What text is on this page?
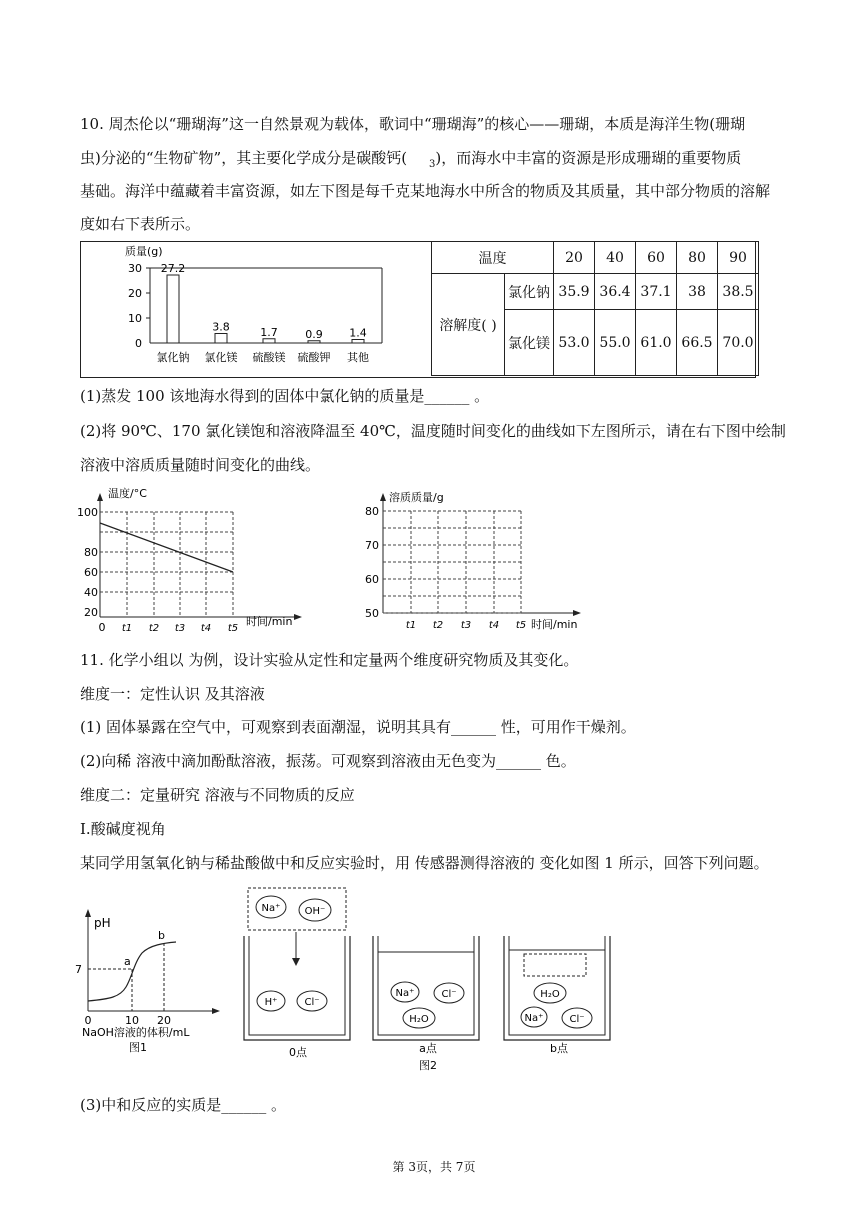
10. 周杰伦以“珊瑚海”这一自然景观为载体，歌词中“珊瑚海”的核心——珊瑚，本质是海洋生物(珊瑚
虫)分泌的“生物矿物”，其主要化学成分是碳酸钙( $_3$)，而海水中丰富的资源是形成珊瑚的重要物质
基础。海洋中蕴藏着丰富资源，如左下图是每千克某地海水中所含的物质及其质量，其中部分物质的溶解
度如右下表所示。
质量(g)
30
20
10
0
27.2
3.8	1.7	0.9 1.4
氯化钠 氯化镁 硫酸镁 硫酸钾 其他
温度		20	40	60	80	90
溶解度( )	氯化钠	35.9	36.4	37.1	38	38.5
	氯化镁	53.0	55.0	61.0	66.5	70.0
(1)蒸发 100 该地海水得到的固体中氯化钠的质量是______ 。
(2)将 90℃、170 氯化镁饱和溶液降温至 40℃，温度随时间变化的曲线如下左图所示，请在右下图中绘制
溶液中溶质质量随时间变化的曲线。
温度/°C
100
80
60
40
20
0 t1 t2 t3 t4 t5
时间/min
溶质质量/g
80
70
60
50
t1 t2 t3 t4 t5 时间/min
11. 化学小组以 为例，设计实验从定性和定量两个维度研究物质及其变化。
维度一：定性认识 及其溶液
(1) 固体暴露在空气中，可观察到表面潮湿，说明其具有______ 性，可用作干燥剂。
(2)向稀 溶液中滴加酚酞溶液，振荡。可观察到溶液由无色变为______ 色。
维度二：定量研究 溶液与不同物质的反应
I.酸碱度视角
某同学用氢氧化钠与稀盐酸做中和反应实验时，用 传感器测得溶液的 变化如图 1 所示，回答下列问题。
pH
7
a
b
0	10 20
NaOH溶液的体积/mL
图1
Na⁺ OH⁻
H⁺	Cl⁻
0点
Na⁺	Cl⁻
H₂O
a点
图2
H₂O
Na⁺	Cl⁻
b点
(3)中和反应的实质是______ 。
第 3页，共 7页
